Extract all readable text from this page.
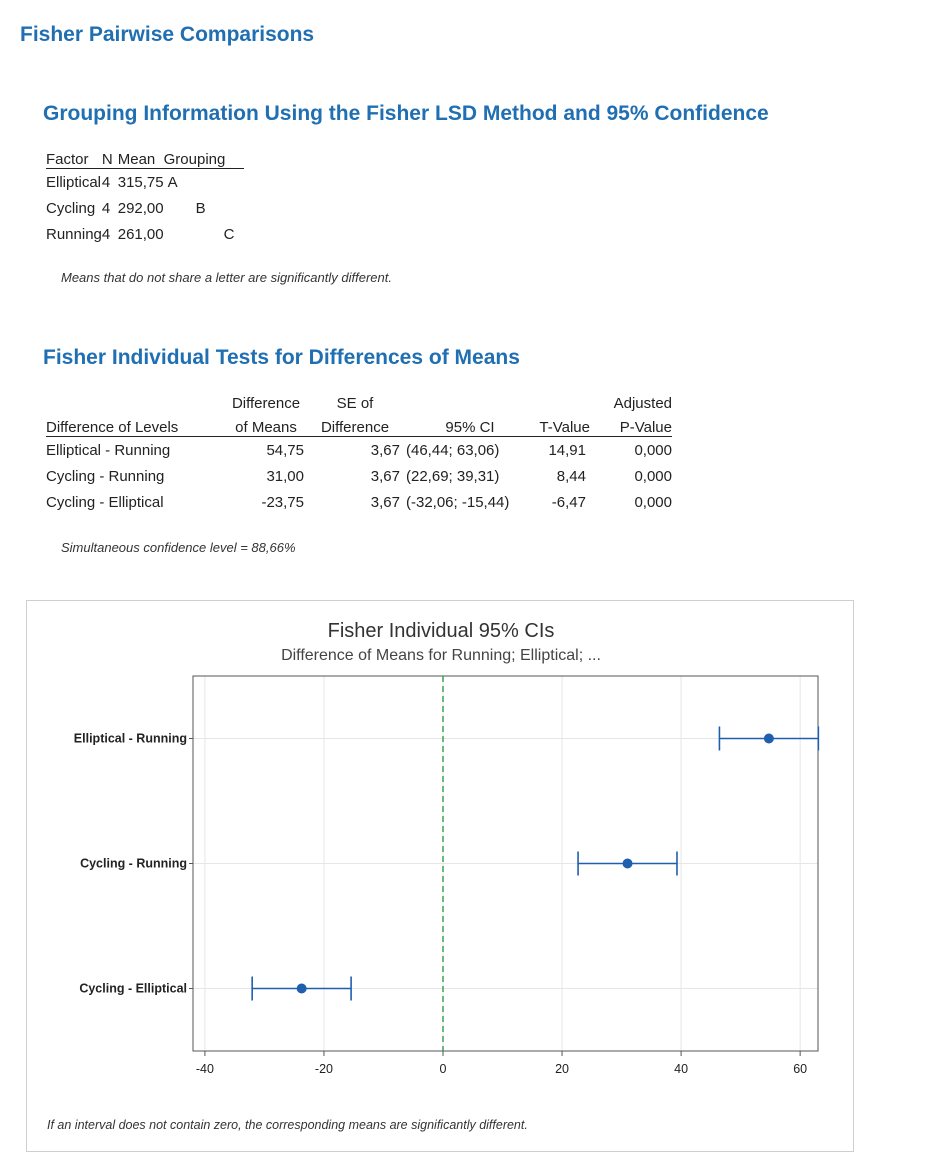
Fisher Pairwise Comparisons
Grouping Information Using the Fisher LSD Method and 95% Confidence
Factor	N	Mean	Grouping		
Elliptical	4	315,75	A		
Cycling	4	292,00		B	
Running	4	261,00			C
Means that do not share a letter are significantly different.
Fisher Individual Tests for Differences of Means
	Difference	SE of			Adjusted
Difference of Levels	of Means	Difference	95% CI	T-Value	P-Value
Elliptical - Running	54,75	3,67	(46,44; 63,06)	14,91	0,000
Cycling - Running	31,00	3,67	(22,69; 39,31)	8,44	0,000
Cycling - Elliptical	-23,75	3,67	(-32,06; -15,44)	-6,47	0,000
Simultaneous confidence level = 88,66%
Fisher Individual 95% CIs
Difference of Means for Running; Elliptical; ...
-40	-20	0	20	40	60
Elliptical - Running
Cycling - Running
Cycling - Elliptical
If an interval does not contain zero, the corresponding means are significantly different.
